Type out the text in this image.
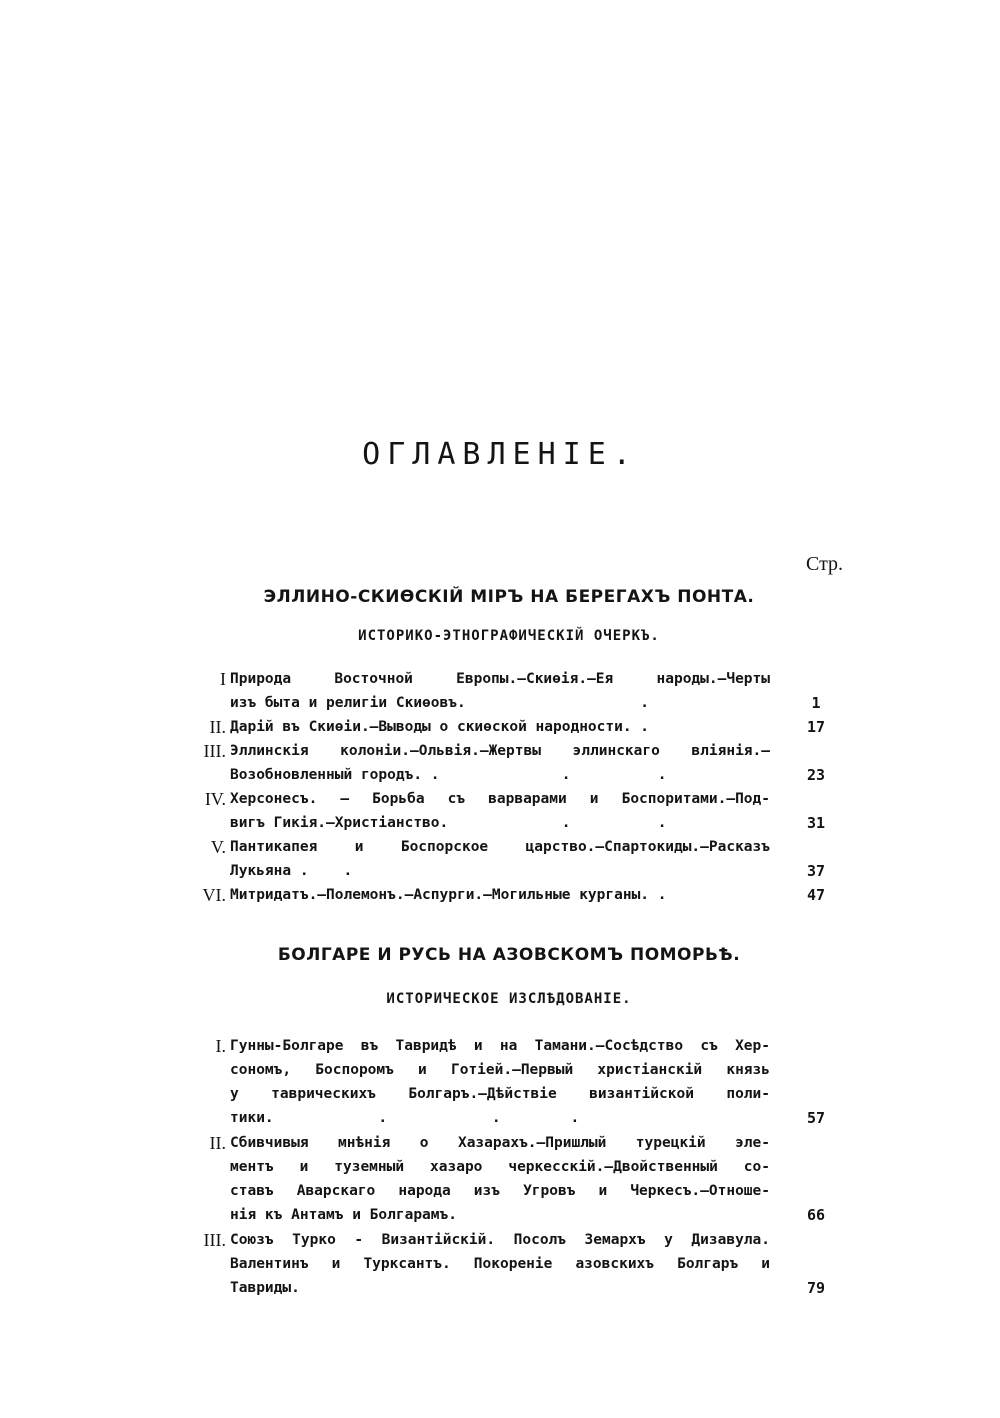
ОГЛАВЛЕНІЕ.
Стр.
ЭЛЛИНО-СКИѲСКІЙ МІРЪ НА БЕРЕГАХЪ ПОНТА.
ИСТОРИКО-ЭТНОГРАФИЧЕСКІЙ ОЧЕРКЪ.
I Природа Восточной Европы.—Скиѳія.—Ея народы.—Черты
изъ быта и религіи Скиѳовъ.                    .	1
II. Дарій въ Скиѳіи.—Выводы о скиѳской народности. .	17
III. Эллинскія колоніи.—Ольвія.—Жертвы эллинскаго вліянія.—
Возобновленный городъ. .              .          .	23
IV. Херсонесъ. — Борьба съ варварами и Боспоритами.—Под-
вигъ Гикія.—Христіанство.             .          .	31
V. Пантикапея и Боспорское царство.—Спартокиды.—Расказъ
Лукьяна .    .	37
VI. Митридатъ.—Полемонъ.—Аспурги.—Могильные курганы. .	47
БОЛГАРЕ И РУСЬ НА АЗОВСКОМЪ ПОМОРЬѢ.
ИСТОРИЧЕСКОЕ ИЗСЛѢДОВАНІЕ.
I. Гунны-Болгаре въ Тавридѣ и на Тамани.—Сосѣдство съ Хер-
сономъ, Боспоромъ и Готіей.—Первый христіанскій князь
у таврическихъ Болгаръ.—Дѣйствіе византійской поли-
тики.            .            .        .	57
II. Сбивчивыя мнѣнія о Хазарахъ.—Пришлый турецкій эле-
ментъ и туземный хазаро черкесскій.—Двойственный со-
ставъ Аварскаго народа изъ Угровъ и Черкесъ.—Отноше-
нія къ Антамъ и Болгарамъ.	66
III. Союзъ Турко - Византійскій. Посолъ Земархъ у Дизавула.
Валентинъ и Турксантъ. Покореніе азовскихъ Болгаръ и
Тавриды.	79
